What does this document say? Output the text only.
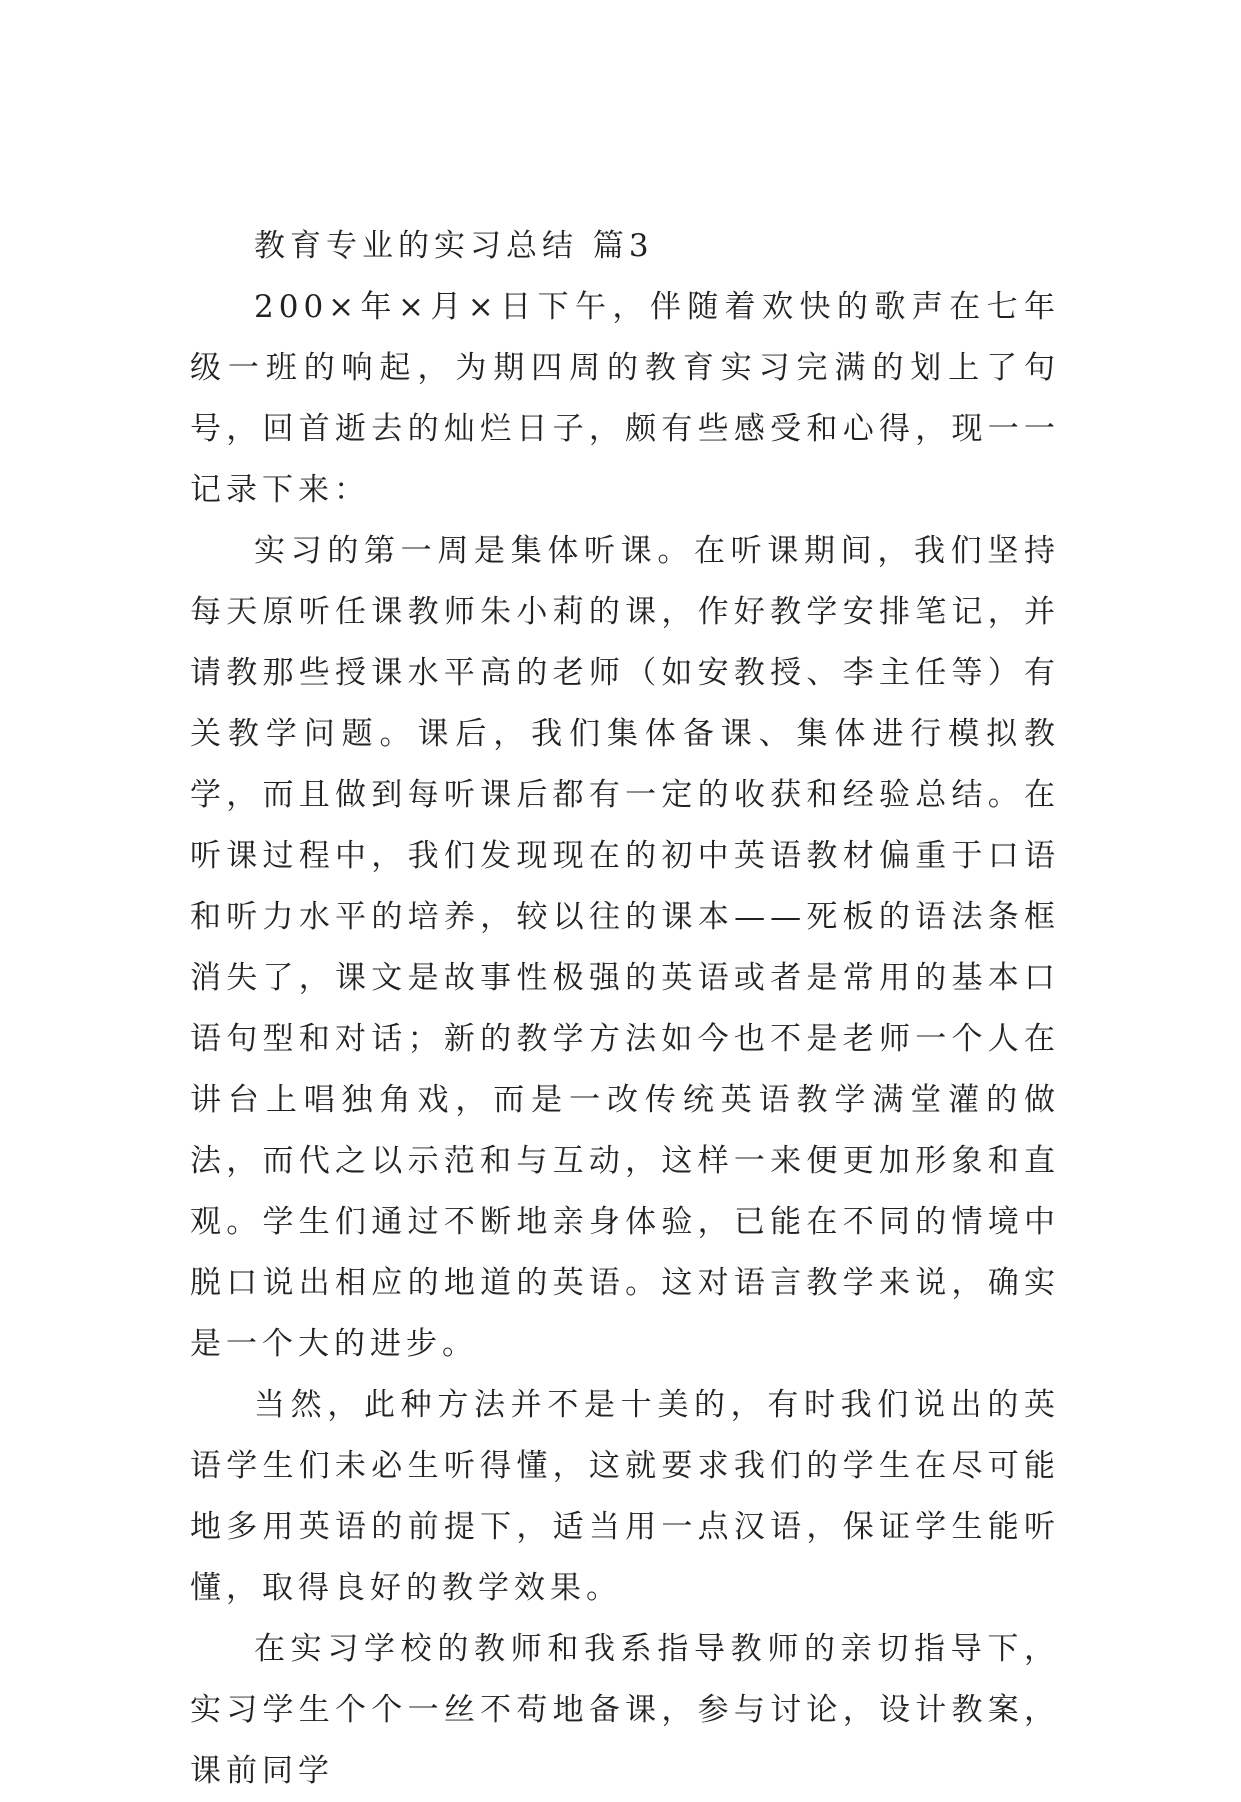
教育专业的实习总结 篇3

200×年×月×日下午，伴随着欢快的歌声在七年级一班的响起，为期四周的教育实习完满的划上了句号，回首逝去的灿烂日子，颇有些感受和心得，现一一记录下来：

实习的第一周是集体听课。在听课期间，我们坚持每天原听任课教师朱小莉的课，作好教学安排笔记，并请教那些授课水平高的老师（如安教授、李主任等）有关教学问题。课后，我们集体备课、集体进行模拟教学，而且做到每听课后都有一定的收获和经验总结。在听课过程中，我们发现现在的初中英语教材偏重于口语和听力水平的培养，较以往的课本——死板的语法条框消失了，课文是故事性极强的英语或者是常用的基本口语句型和对话；新的教学方法如今也不是老师一个人在讲台上唱独角戏，而是一改传统英语教学满堂灌的做法，而代之以示范和与互动，这样一来便更加形象和直观。学生们通过不断地亲身体验，已能在不同的情境中脱口说出相应的地道的英语。这对语言教学来说，确实是一个大的进步。

当然，此种方法并不是十美的，有时我们说出的英语学生们未必生听得懂，这就要求我们的学生在尽可能地多用英语的前提下，适当用一点汉语，保证学生能听懂，取得良好的教学效果。

在实习学校的教师和我系指导教师的亲切指导下，实习学生个个一丝不苟地备课，参与讨论，设计教案，课前同学
